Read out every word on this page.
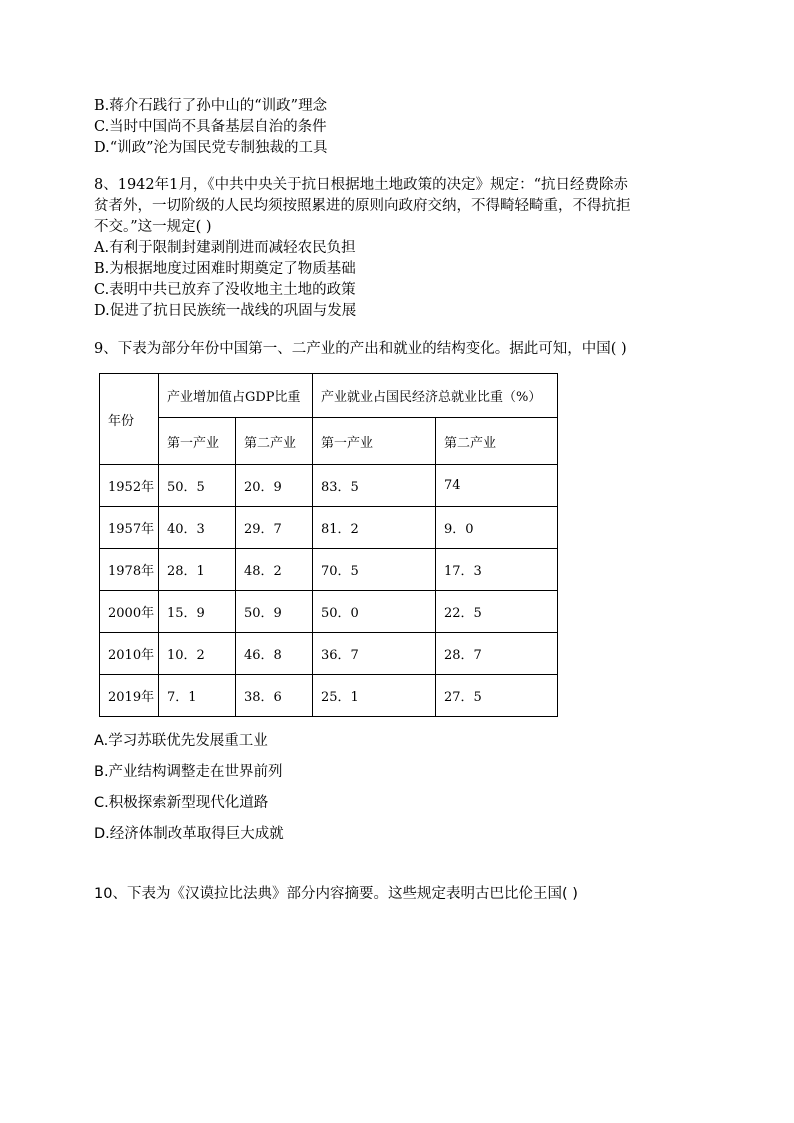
B.蒋介石践行了孙中山的“训政”理念
C.当时中国尚不具备基层自治的条件
D.“训政”沦为国民党专制独裁的工具
8、1942年1月，《中共中央关于抗日根据地土地政策的决定》规定：“抗日经费除赤
贫者外，一切阶级的人民均须按照累进的原则向政府交纳，不得畸轻畸重，不得抗拒
不交。”这一规定( )
A.有利于限制封建剥削进而减轻农民负担
B.为根据地度过困难时期奠定了物质基础
C.表明中共已放弃了没收地主土地的政策
D.促进了抗日民族统一战线的巩固与发展
9、下表为部分年份中国第一、二产业的产出和就业的结构变化。据此可知，中国( )
年份	产业增加值占GDP比重		产业就业占国民经济总就业比重（%）	
	第一产业	第二产业	第一产业	第二产业
1952年	50．5	20．9	83．5	74
1957年	40．3	29．7	81．2	9．0
1978年	28．1	48．2	70．5	17．3
2000年	15．9	50．9	50．0	22．5
2010年	10．2	46．8	36．7	28．7
2019年	7．1	38．6	25．1	27．5
A.学习苏联优先发展重工业
B.产业结构调整走在世界前列
C.积极探索新型现代化道路
D.经济体制改革取得巨大成就
10、下表为《汉谟拉比法典》部分内容摘要。这些规定表明古巴比伦王国( )
